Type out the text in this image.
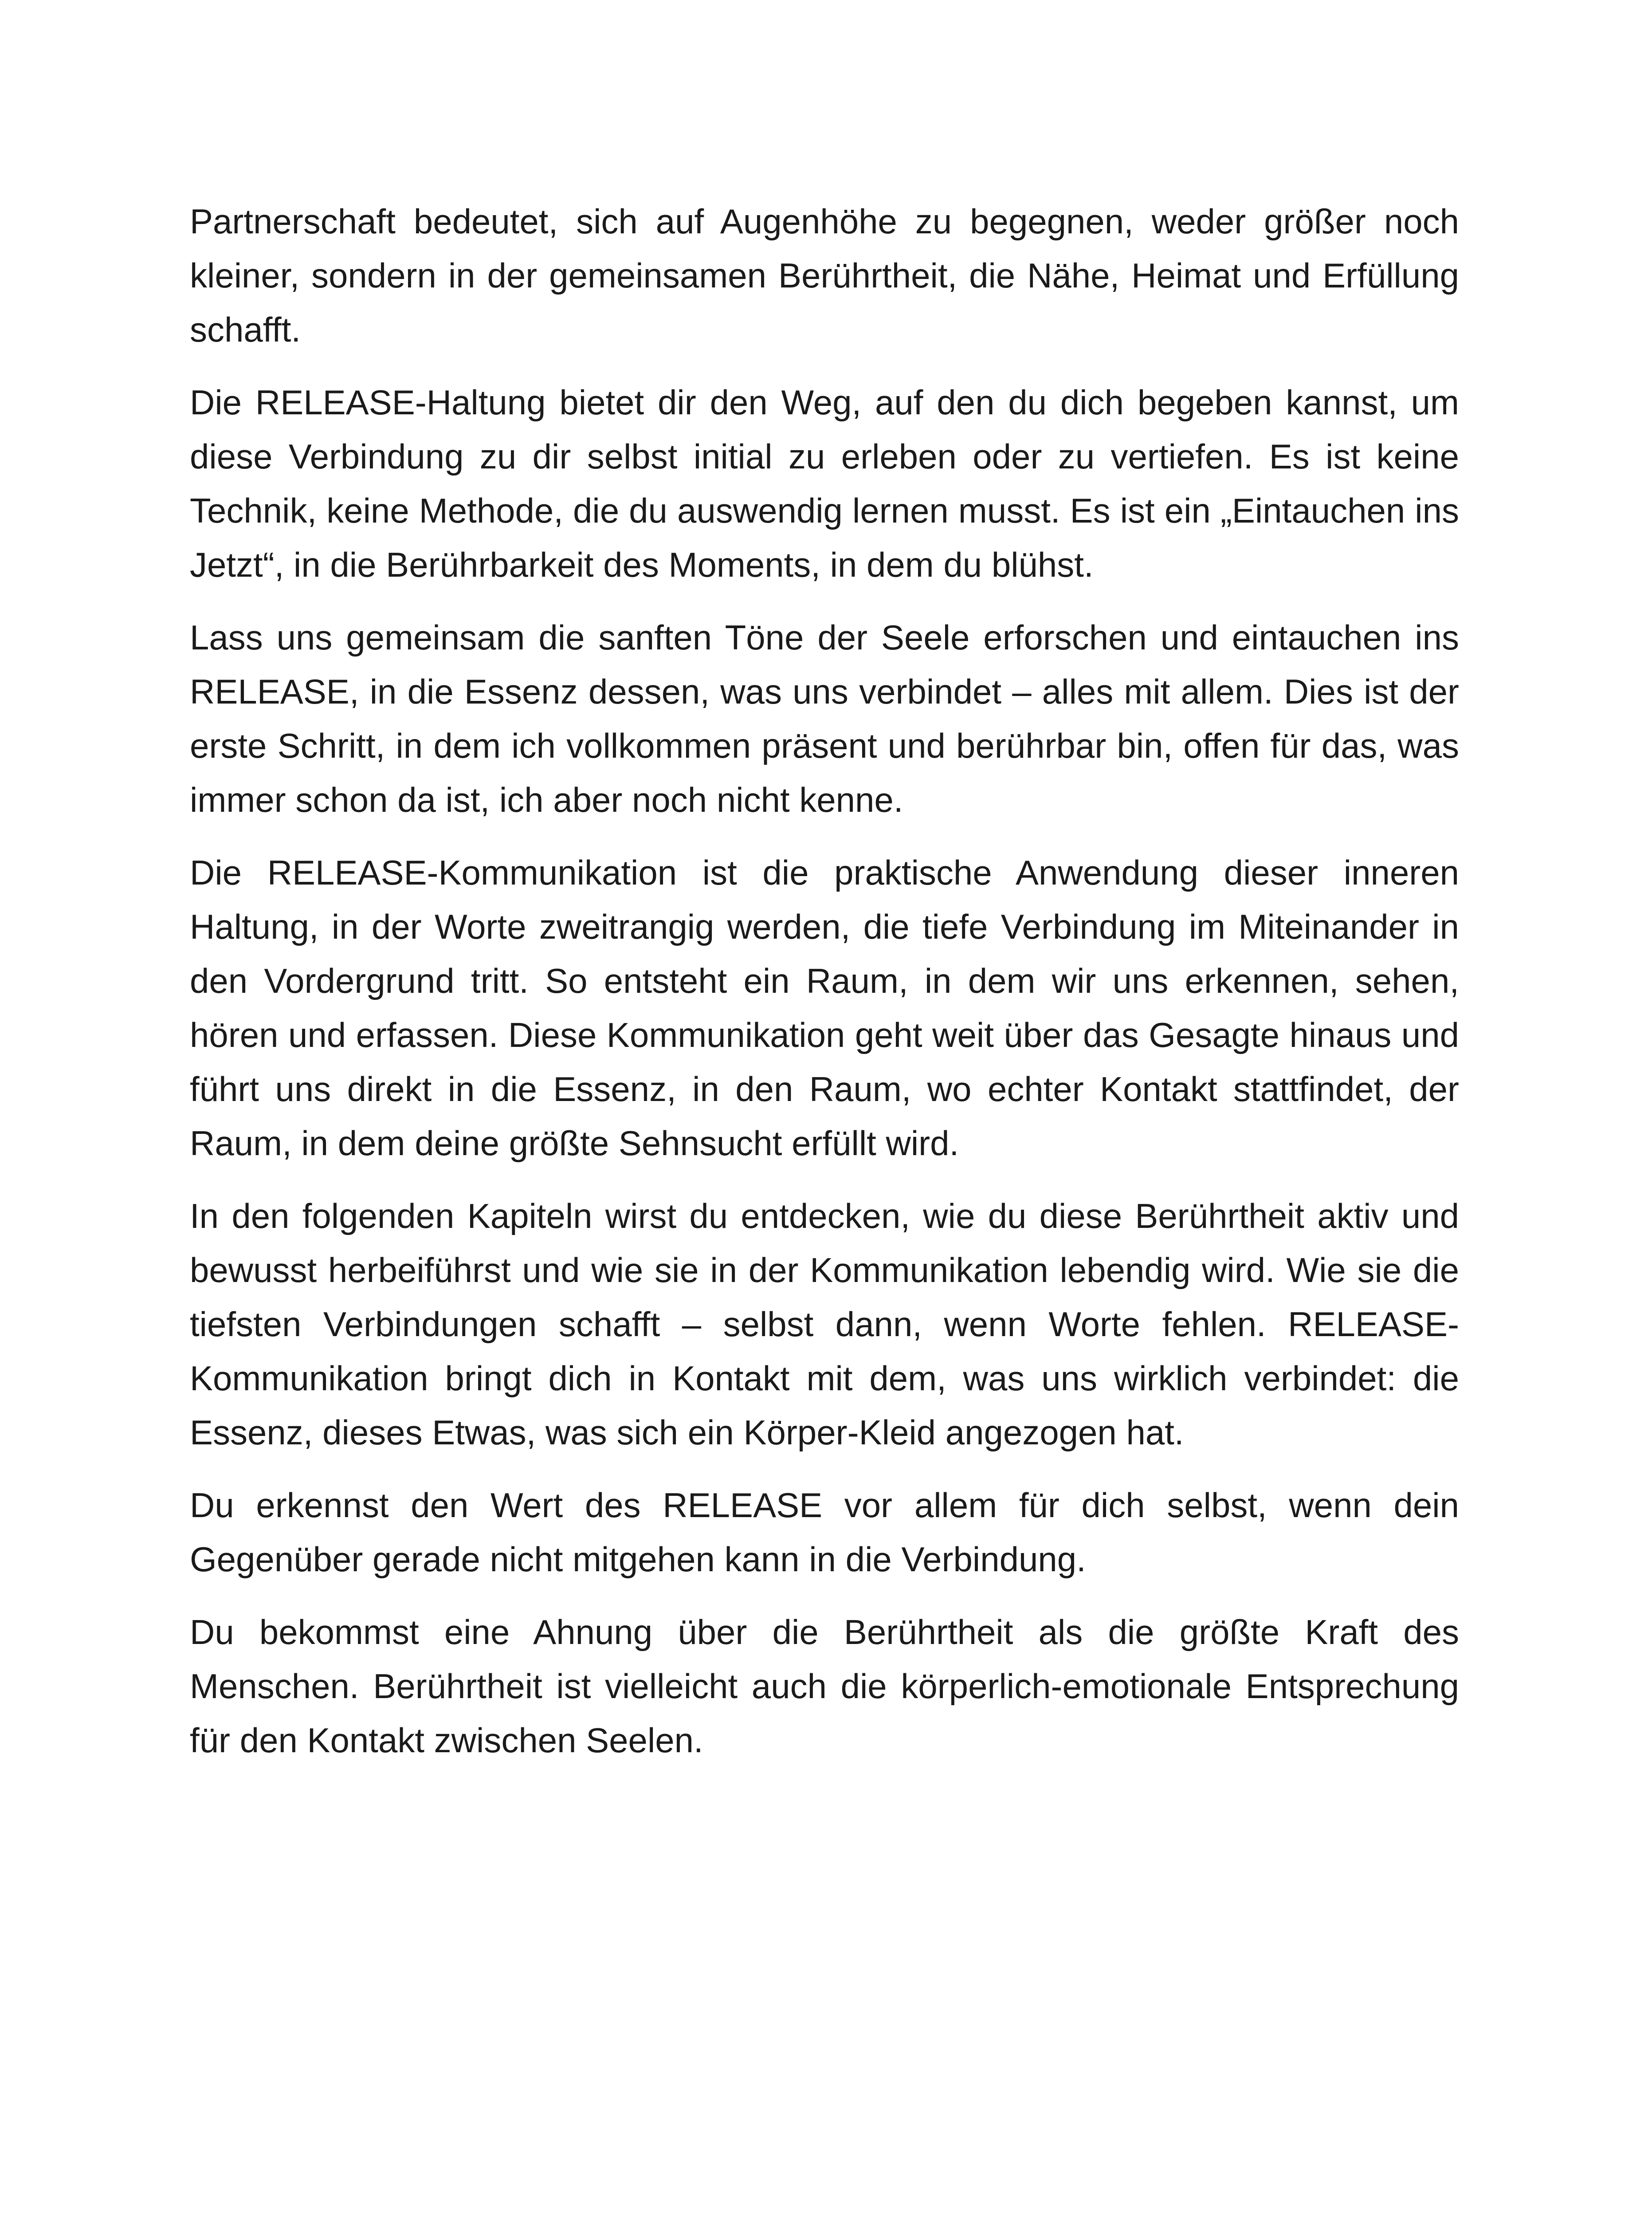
Partnerschaft bedeutet, sich auf Augenhöhe zu begegnen, weder größer noch kleiner, sondern in der gemeinsamen Berührtheit, die Nähe, Heimat und Erfüllung schafft.

Die RELEASE-Haltung bietet dir den Weg, auf den du dich begeben kannst, um diese Verbindung zu dir selbst initial zu erleben oder zu vertiefen. Es ist keine Technik, keine Methode, die du auswendig lernen musst. Es ist ein „Eintauchen ins Jetzt“, in die Berührbarkeit des Moments, in dem du blühst.

Lass uns gemeinsam die sanften Töne der Seele erforschen und eintauchen ins RELEASE, in die Essenz dessen, was uns verbindet – alles mit allem. Dies ist der erste Schritt, in dem ich vollkommen präsent und berührbar bin, offen für das, was immer schon da ist, ich aber noch nicht kenne.

Die RELEASE-Kommunikation ist die praktische Anwendung dieser inneren Haltung, in der Worte zweitrangig werden, die tiefe Verbindung im Miteinander in den Vordergrund tritt. So entsteht ein Raum, in dem wir uns erkennen, sehen, hören und erfassen. Diese Kommunikation geht weit über das Gesagte hinaus und führt uns direkt in die Essenz, in den Raum, wo echter Kontakt stattfindet, der Raum, in dem deine größte Sehnsucht erfüllt wird.

In den folgenden Kapiteln wirst du entdecken, wie du diese Berührtheit aktiv und bewusst herbeiführst und wie sie in der Kommunikation lebendig wird. Wie sie die tiefsten Verbindungen schafft – selbst dann, wenn Worte fehlen. RELEASE-Kommunikation bringt dich in Kontakt mit dem, was uns wirklich verbindet: die Essenz, dieses Etwas, was sich ein Körper-Kleid angezogen hat.

Du erkennst den Wert des RELEASE vor allem für dich selbst, wenn dein Gegenüber gerade nicht mitgehen kann in die Verbindung.

Du bekommst eine Ahnung über die Berührtheit als die größte Kraft des Menschen. Berührtheit ist vielleicht auch die körperlich-emotionale Entsprechung für den Kontakt zwischen Seelen.
